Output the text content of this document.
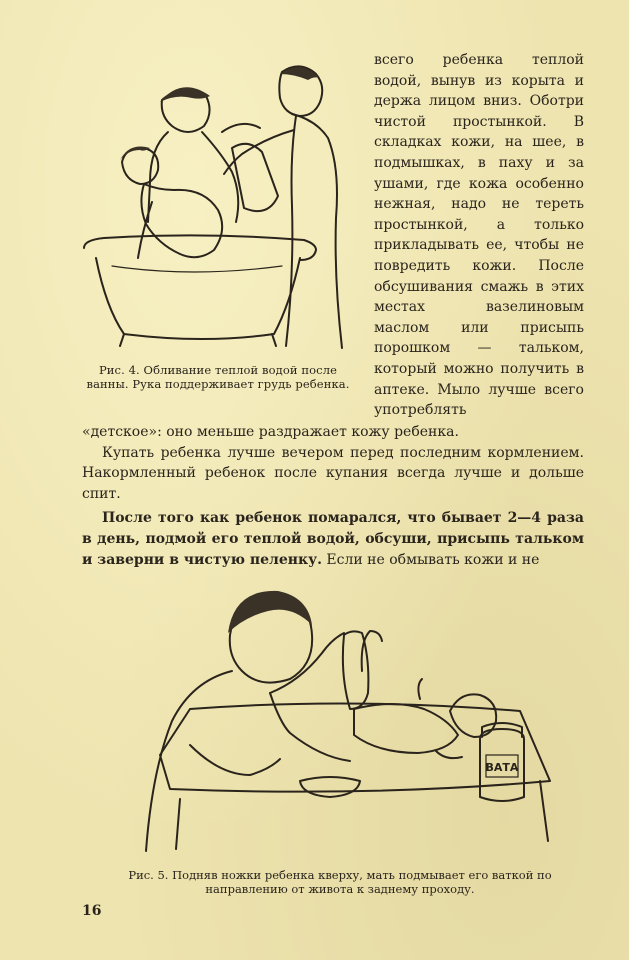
Рис. 4. Обливание теплой водой после ванны. Рука поддерживает грудь ребенка.

всего ребенка теплой водой, вынув из корыта и держа лицом вниз. Оботри чистой простынкой. В складках кожи, на шее, в подмышках, в паху и за ушами, где кожа особенно нежная, надо не тереть простынкой, а только прикладывать ее, чтобы не повредить кожи. После обсушивания смажь в этих местах вазелиновым маслом или присыпь порошком — тальком, который можно получить в аптеке. Мыло лучше всего употреблять

«детское»: оно меньше раздражает кожу ребенка.

Купать ребенка лучше вечером перед последним кормлением. Накормленный ребенок после купания всегда лучше и дольше спит.

После того как ребенок помарался, что бывает 2—4 раза в день, подмой его теплой водой, обсуши, присыпь тальком и заверни в чистую пеленку. Если не обмывать кожи и не

ВАТА
Рис. 5. Подняв ножки ребенка кверху, мать подмывает его ваткой по направлению от живота к заднему проходу.
16
